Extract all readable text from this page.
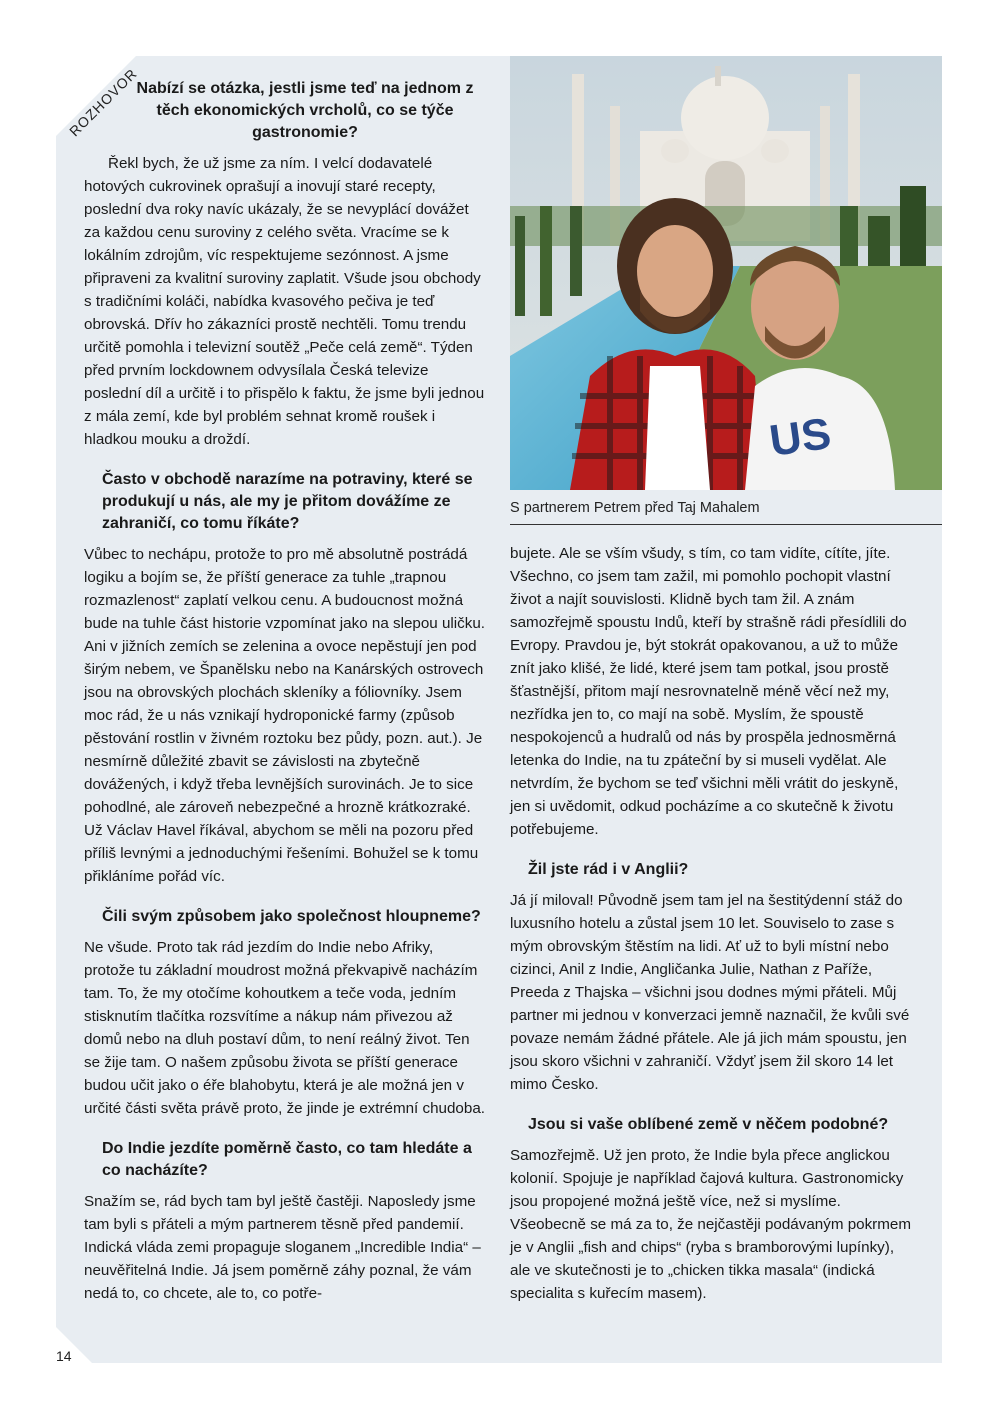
ROZHOVOR

Nabízí se otázka, jestli jsme teď na jednom z těch ekonomických vrcholů, co se týče gastronomie?

Řekl bych, že už jsme za ním. I velcí dodavatelé hotových cukrovinek oprašují a inovují staré recepty, poslední dva roky navíc ukázaly, že se nevyplácí dovážet za každou cenu suroviny z celého světa. Vracíme se k lokálním zdrojům, víc respektujeme sezónnost. A jsme připraveni za kvalitní suroviny zaplatit. Všude jsou obchody s tradičními koláči, nabídka kvasového pečiva je teď obrovská. Dřív ho zákazníci prostě nechtěli. Tomu trendu určitě pomohla i televizní soutěž „Peče celá země“. Týden před prvním lockdownem odvysílala Česká televize poslední díl a určitě i to přispělo k faktu, že jsme byli jednou z mála zemí, kde byl problém sehnat kromě roušek i hladkou mouku a droždí.

Často v obchodě narazíme na potraviny, které se produkují u nás, ale my je přitom dovážíme ze zahraničí, co tomu říkáte?

Vůbec to nechápu, protože to pro mě absolutně postrádá logiku a bojím se, že příští generace za tuhle „trapnou rozmazlenost“ zaplatí velkou cenu. A budoucnost možná bude na tuhle část historie vzpomínat jako na slepou uličku. Ani v jižních zemích se zelenina a ovoce nepěstují jen pod širým nebem, ve Španělsku nebo na Kanárských ostrovech jsou na obrovských plochách skleníky a fóliovníky. Jsem moc rád, že u nás vznikají hydroponické farmy (způsob pěstování rostlin v živném roztoku bez půdy, pozn. aut.). Je nesmírně důležité zbavit se závislosti na zbytečně dovážených, i když třeba levnějších surovinách. Je to sice pohodlné, ale zároveň nebezpečné a hrozně krátkozraké. Už Václav Havel říkával, abychom se měli na pozoru před příliš levnými a jednoduchými řešeními. Bohužel se k tomu přikláníme pořád víc.

Čili svým způsobem jako společnost hloupneme?

Ne všude. Proto tak rád jezdím do Indie nebo Afriky, protože tu základní moudrost možná překvapivě nacházím tam. To, že my otočíme kohoutkem a teče voda, jedním stisknutím tlačítka rozsvítíme a nákup nám přivezou až domů nebo na dluh postaví dům, to není reálný život. Ten se žije tam. O našem způsobu života se příští generace budou učit jako o éře blahobytu, která je ale možná jen v určité části světa právě proto, že jinde je extrémní chudoba.

Do Indie jezdíte poměrně často, co tam hledáte a co nacházíte?

Snažím se, rád bych tam byl ještě častěji. Naposledy jsme tam byli s přáteli a mým partnerem těsně před pandemií. Indická vláda zemi propaguje sloganem „Incredible India“ – neuvěřitelná Indie. Já jsem poměrně záhy poznal, že vám nedá to, co chcete, ale to, co potře-

US
S partnerem Petrem před Taj Mahalem

bujete. Ale se vším všudy, s tím, co tam vidíte, cítíte, jíte. Všechno, co jsem tam zažil, mi pomohlo pochopit vlastní život a najít souvislosti. Klidně bych tam žil. A znám samozřejmě spoustu Indů, kteří by strašně rádi přesídlili do Evropy. Pravdou je, být stokrát opakovanou, a už to může znít jako klišé, že lidé, které jsem tam potkal, jsou prostě šťastnější, přitom mají nesrovnatelně méně věcí než my, nezřídka jen to, co mají na sobě. Myslím, že spoustě nespokojenců a hudralů od nás by prospěla jednosměrná letenka do Indie, na tu zpáteční by si museli vydělat. Ale netvrdím, že bychom se teď všichni měli vrátit do jeskyně, jen si uvědomit, odkud pocházíme a co skutečně k životu potřebujeme.

Žil jste rád i v Anglii?

Já jí miloval! Původně jsem tam jel na šestitýdenní stáž do luxusního hotelu a zůstal jsem 10 let. Souviselo to zase s mým obrovským štěstím na lidi. Ať už to byli místní nebo cizinci, Anil z Indie, Angličanka Julie, Nathan z Paříže, Preeda z Thajska – všichni jsou dodnes mými přáteli. Můj partner mi jednou v konverzaci jemně naznačil, že kvůli své povaze nemám žádné přátele. Ale já jich mám spoustu, jen jsou skoro všichni v zahraničí. Vždyť jsem žil skoro 14 let mimo Česko.

Jsou si vaše oblíbené země v něčem podobné?

Samozřejmě. Už jen proto, že Indie byla přece anglickou kolonií. Spojuje je například čajová kultura. Gastronomicky jsou propojené možná ještě více, než si myslíme. Všeobecně se má za to, že nejčastěji podávaným pokrmem je v Anglii „fish and chips“ (ryba s bramborovými lupínky), ale ve skutečnosti je to „chicken tikka masala“ (indická specialita s kuřecím masem).

14
